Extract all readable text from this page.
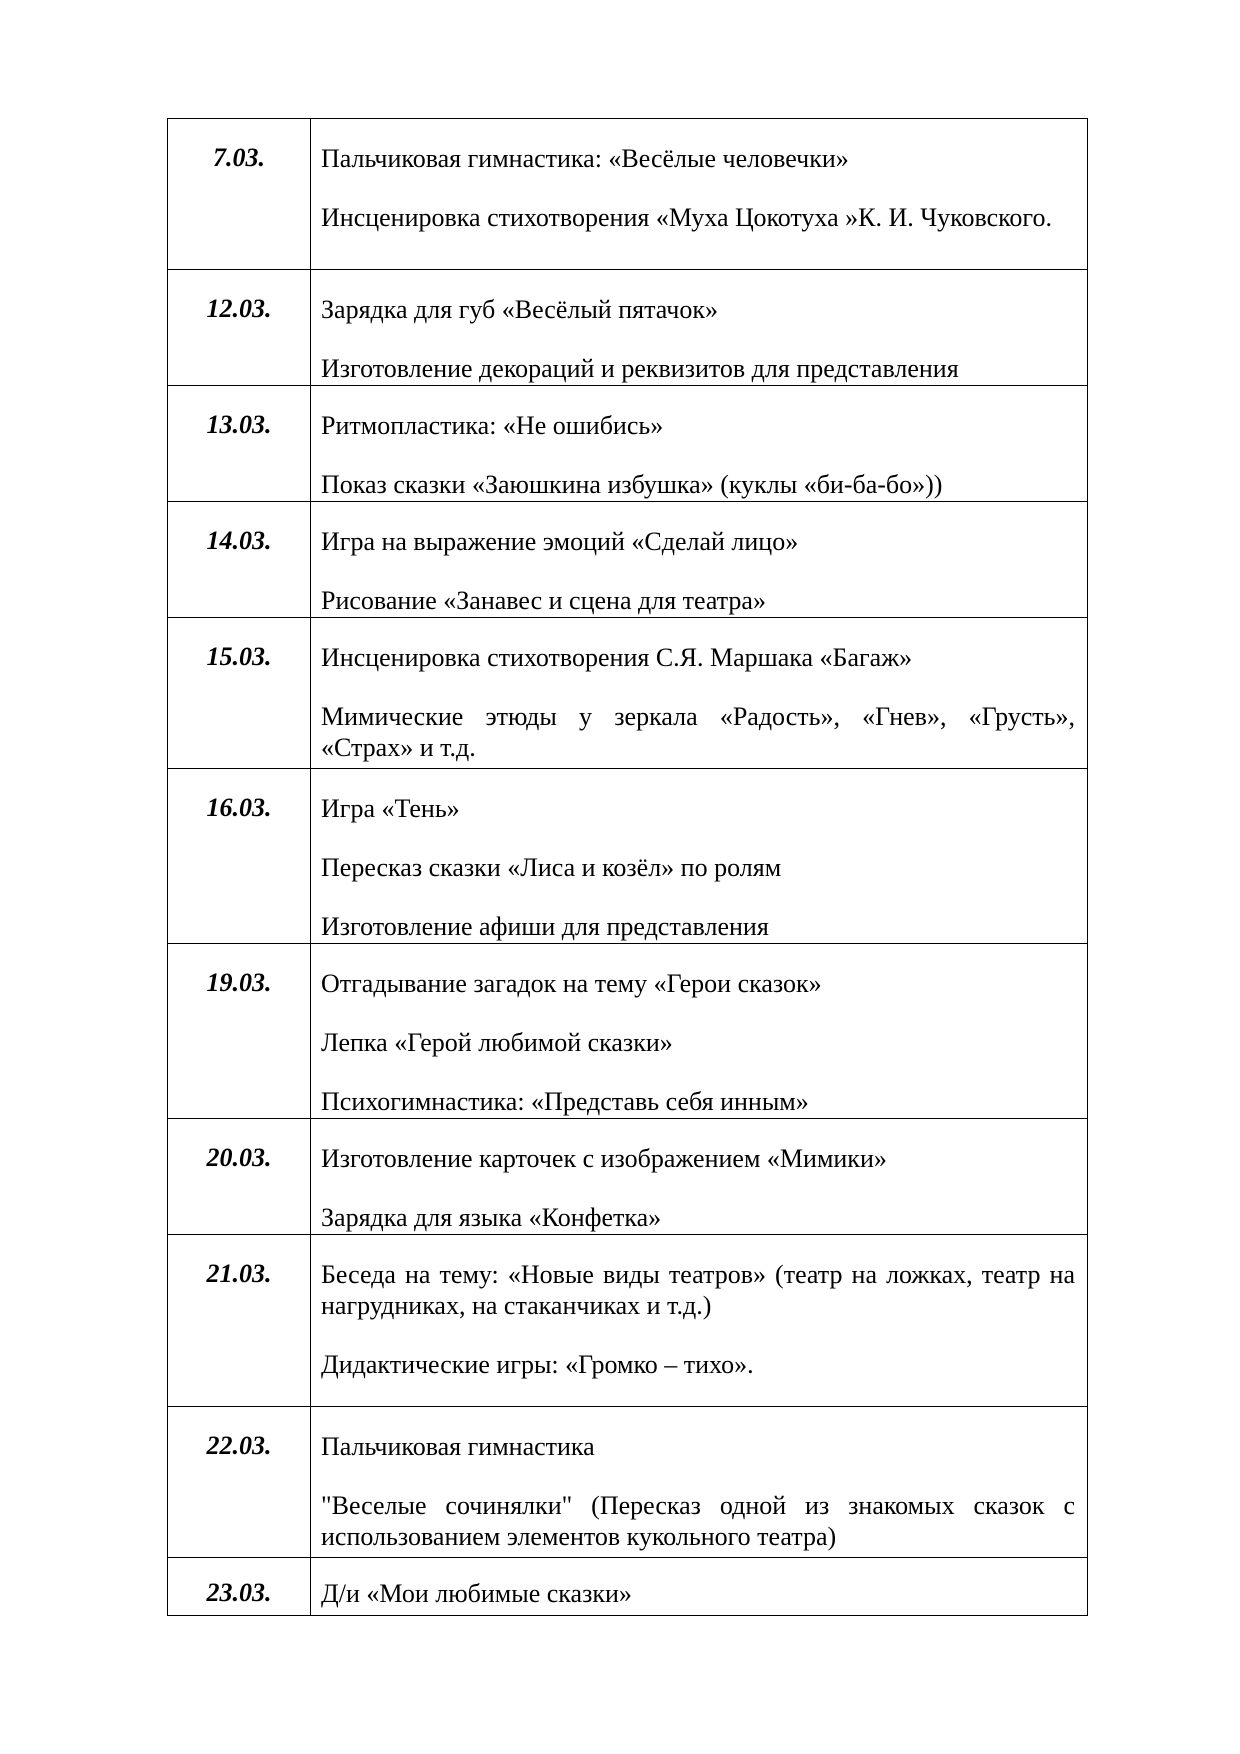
7.03.	Пальчиковая гимнастика: «Весёлые человечки»

Инсценировка стихотворения «Муха Цокотуха »К. И. Чуковского.

12.03.	Зарядка для губ «Весёлый пятачок»

Изготовление декораций и реквизитов для представления

13.03.	Ритмопластика: «Не ошибись»

Показ сказки «Заюшкина избушка» (куклы «би-ба-бо»))

14.03.	Игра на выражение эмоций «Сделай лицо»

Рисование «Занавес и сцена для театра»

15.03.	Инсценировка стихотворения С.Я. Маршака «Багаж»

Мимические этюды у зеркала «Радость», «Гнев», «Грусть», «Страх» и т.д.

16.03.	Игра «Тень»

Пересказ сказки «Лиса и козёл» по ролям

Изготовление афиши для представления

19.03.	Отгадывание загадок на тему «Герои сказок»

Лепка «Герой любимой сказки»

Психогимнастика: «Представь себя инным»

20.03.	Изготовление карточек с изображением «Мимики»

Зарядка для языка «Конфетка»

21.03.	Беседа на тему: «Новые виды театров» (театр на ложках, театр на нагрудниках, на стаканчиках и т.д.)

Дидактические игры: «Громко – тихо».

22.03.	Пальчиковая гимнастика

"Веселые сочинялки" (Пересказ одной из знакомых сказок с использованием элементов кукольного театра)

23.03.	Д/и «Мои любимые сказки»
